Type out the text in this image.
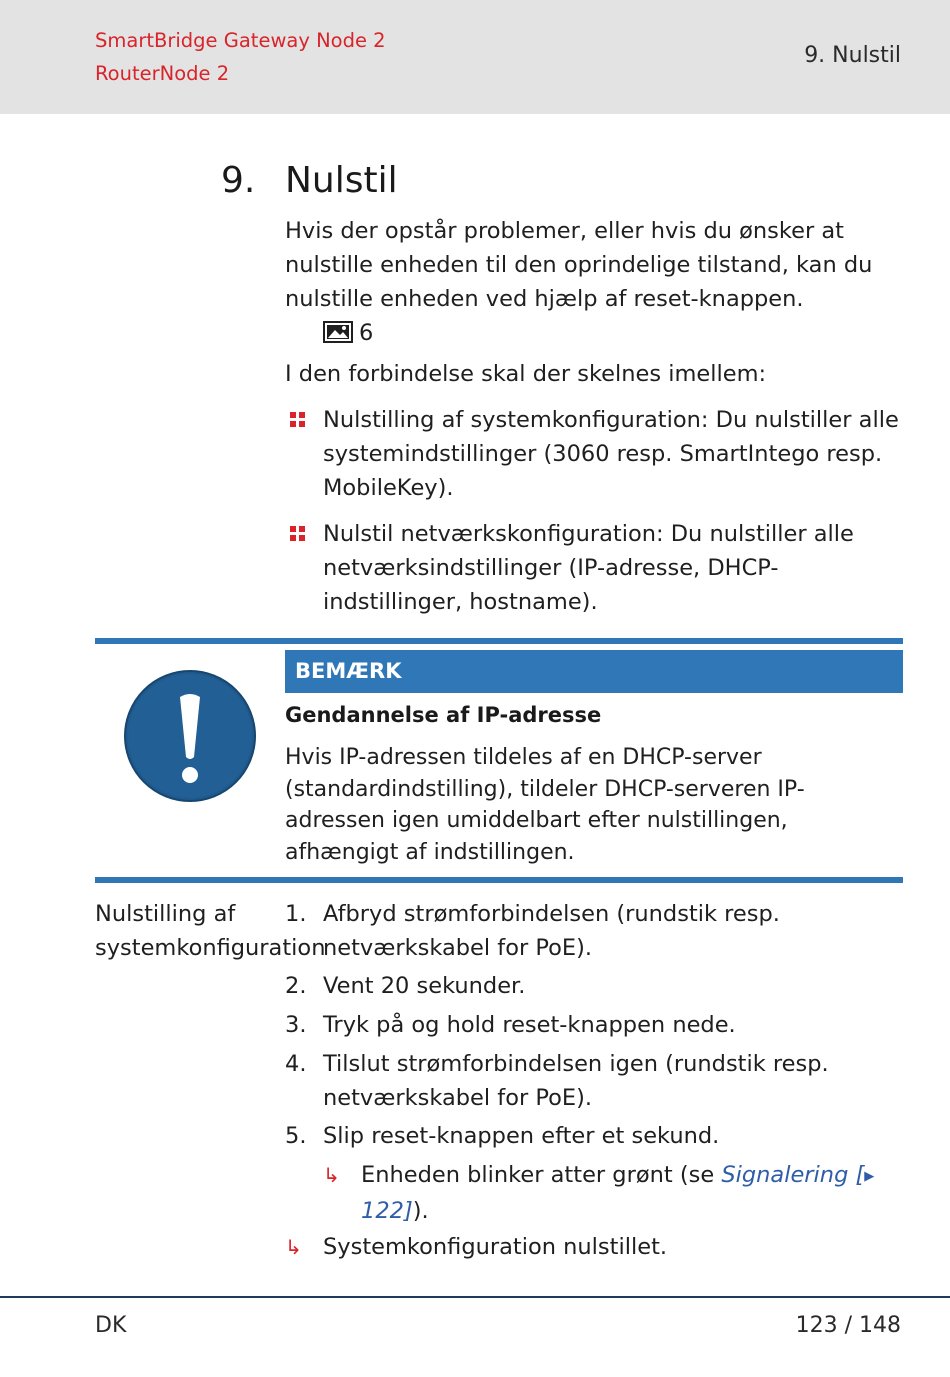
SmartBridge Gateway Node 2
RouterNode 2
9. Nulstil
9. Nulstil
Hvis der opstår problemer, eller hvis du ønsker at nulstille enheden til den oprindelige tilstand, kan du nulstille enheden ved hjælp af reset-knappen.
6
I den forbindelse skal der skelnes imellem:
Nulstilling af systemkonfiguration: Du nulstiller alle systemindstillinger (3060 resp. SmartIntego resp. MobileKey).
Nulstil netværkskonfiguration: Du nulstiller alle netværksindstillinger (IP-adresse, DHCP-indstillinger, hostname).
BEMÆRK
Gendannelse af IP-adresse
Hvis IP-adressen tildeles af en DHCP-server (standardindstilling), tildeler DHCP-serveren IP-adressen igen umiddelbart efter nulstillingen, afhængigt af indstillingen.
Nulstilling af systemkonfiguration
1. Afbryd strømforbindelsen (rundstik resp. netværkskabel for PoE).
2. Vent 20 sekunder.
3. Tryk på og hold reset-knappen nede.
4. Tilslut strømforbindelsen igen (rundstik resp. netværkskabel for PoE).
5. Slip reset-knappen efter et sekund.
↳ Enheden blinker atter grønt (se Signalering [▶ 122]).
↳ Systemkonfiguration nulstillet.
DK	123 / 148
